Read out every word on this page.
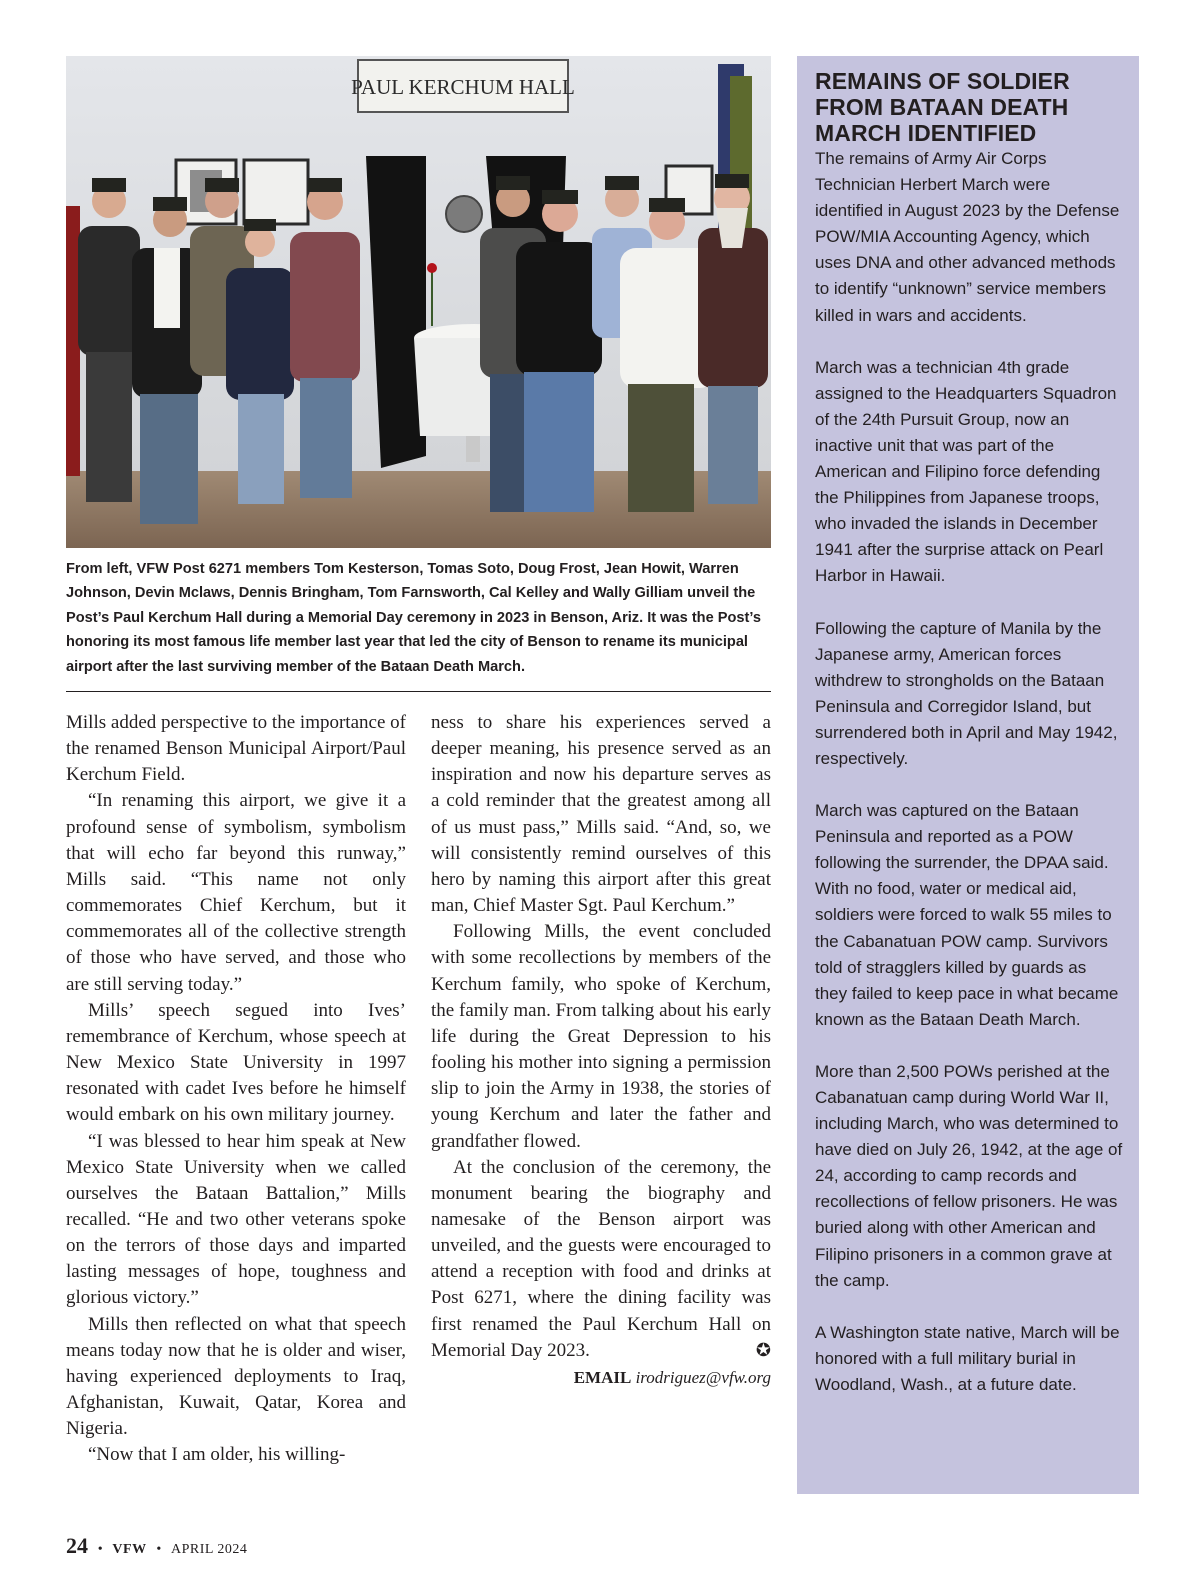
PAUL KERCHUM HALL
From left, VFW Post 6271 members Tom Kesterson, Tomas Soto, Doug Frost, Jean Howit, Warren Johnson, Devin Mclaws, Dennis Bringham, Tom Farnsworth, Cal Kelley and Wally Gilliam unveil the Post’s Paul Kerchum Hall during a Memorial Day ceremony in 2023 in Benson, Ariz. It was the Post’s honoring its most famous life member last year that led the city of Benson to rename its municipal airport after the last surviving member of the Bataan Death March.

Mills added perspective to the importance of the renamed Benson Municipal Airport/Paul Kerchum Field.

“In renaming this airport, we give it a profound sense of symbolism, symbolism that will echo far beyond this runway,” Mills said. “This name not only commemorates Chief Kerchum, but it commemorates all of the collective strength of those who have served, and those who are still serving today.”

Mills’ speech segued into Ives’ remembrance of Kerchum, whose speech at New Mexico State University in 1997 resonated with cadet Ives before he himself would embark on his own military journey.

“I was blessed to hear him speak at New Mexico State University when we called ourselves the Bataan Battalion,” Mills recalled. “He and two other veterans spoke on the terrors of those days and imparted lasting messages of hope, toughness and glorious victory.”

Mills then reflected on what that speech means today now that he is older and wiser, having experienced deployments to Iraq, Afghanistan, Kuwait, Qatar, Korea and Nigeria.

“Now that I am older, his willing-

ness to share his experiences served a deeper meaning, his presence served as an inspiration and now his departure serves as a cold reminder that the greatest among all of us must pass,” Mills said. “And, so, we will consistently remind ourselves of this hero by naming this airport after this great man, Chief Master Sgt. Paul Kerchum.”

Following Mills, the event concluded with some recollections by members of the Kerchum family, who spoke of Kerchum, the family man. From talking about his early life during the Great Depression to his fooling his mother into signing a permission slip to join the Army in 1938, the stories of young Kerchum and later the father and grandfather flowed.

At the conclusion of the ceremony, the monument bearing the biography and namesake of the Benson airport was unveiled, and the guests were encouraged to attend a reception with food and drinks at Post 6271, where the dining facility was first renamed the Paul Kerchum Hall on Memorial Day 2023.	✪
EMAIL irodriguez@vfw.org
24 • VFW • APRIL 2024
REMAINS OF SOLDIER FROM BATAAN DEATH MARCH IDENTIFIED

The remains of Army Air Corps Technician Herbert March were identified in August 2023 by the Defense POW/MIA Accounting Agency, which uses DNA and other advanced methods to identify “unknown” service members killed in wars and accidents.

March was a technician 4th grade assigned to the Headquarters Squadron of the 24th Pursuit Group, now an inactive unit that was part of the American and Filipino force defending the Philippines from Japanese troops, who invaded the islands in December 1941 after the surprise attack on Pearl Harbor in Hawaii.

Following the capture of Manila by the Japanese army, American forces withdrew to strongholds on the Bataan Peninsula and Corregidor Island, but surrendered both in April and May 1942, respectively.

March was captured on the Bataan Peninsula and reported as a POW following the surrender, the DPAA said. With no food, water or medical aid, soldiers were forced to walk 55 miles to the Cabanatuan POW camp. Survivors told of stragglers killed by guards as they failed to keep pace in what became known as the Bataan Death March.

More than 2,500 POWs perished at the Cabanatuan camp during World War II, including March, who was determined to have died on July 26, 1942, at the age of 24, according to camp records and recollections of fellow prisoners. He was buried along with other American and Filipino prisoners in a common grave at the camp.

A Washington state native, March will be honored with a full military burial in Woodland, Wash., at a future date.
